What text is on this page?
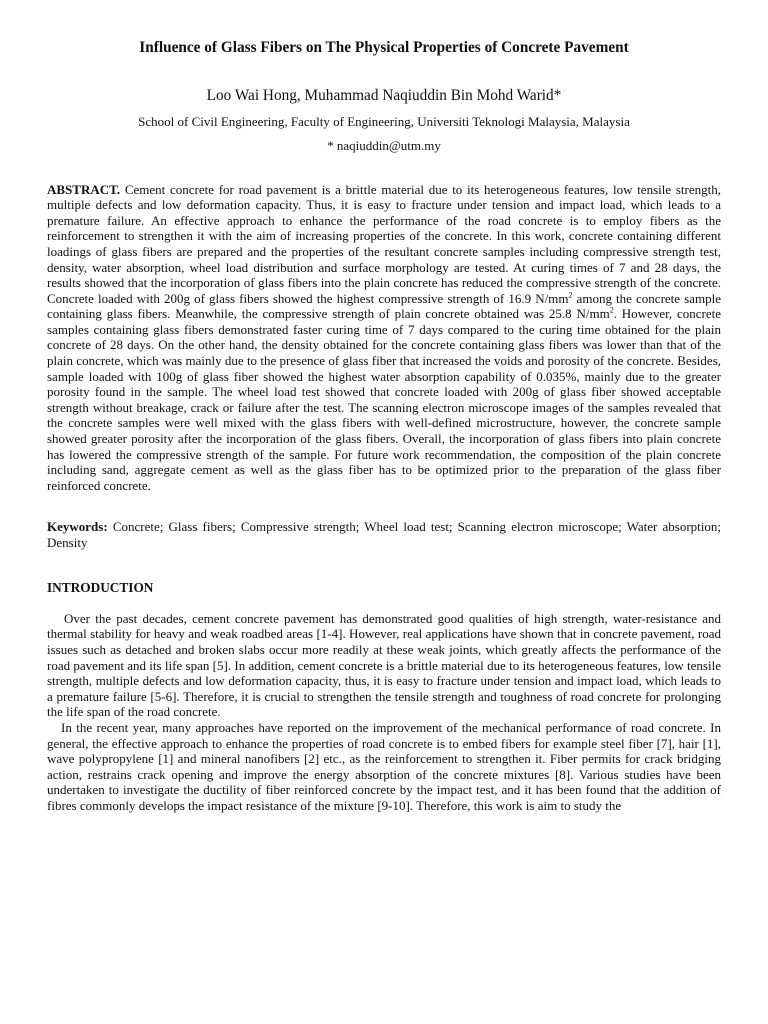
Influence of Glass Fibers on The Physical Properties of Concrete Pavement
Loo Wai Hong, Muhammad Naqiuddin Bin Mohd Warid*
School of Civil Engineering, Faculty of Engineering, Universiti Teknologi Malaysia, Malaysia
* naqiuddin@utm.my

ABSTRACT. Cement concrete for road pavement is a brittle material due to its heterogeneous features, low tensile strength, multiple defects and low deformation capacity. Thus, it is easy to fracture under tension and impact load, which leads to a premature failure. An effective approach to enhance the performance of the road concrete is to employ fibers as the reinforcement to strengthen it with the aim of increasing properties of the concrete. In this work, concrete containing different loadings of glass fibers are prepared and the properties of the resultant concrete samples including compressive strength test, density, water absorption, wheel load distribution and surface morphology are tested. At curing times of 7 and 28 days, the results showed that the incorporation of glass fibers into the plain concrete has reduced the compressive strength of the concrete. Concrete loaded with 200g of glass fibers showed the highest compressive strength of 16.9 $N/mm^2$ among the concrete sample containing glass fibers. Meanwhile, the compressive strength of plain concrete obtained was 25.8 $N/mm^2$. However, concrete samples containing glass fibers demonstrated faster curing time of 7 days compared to the curing time obtained for the plain concrete of 28 days. On the other hand, the density obtained for the concrete containing glass fibers was lower than that of the plain concrete, which was mainly due to the presence of glass fiber that increased the voids and porosity of the concrete. Besides, sample loaded with 100g of glass fiber showed the highest water absorption capability of 0.035%, mainly due to the greater porosity found in the sample. The wheel load test showed that concrete loaded with 200g of glass fiber showed acceptable strength without breakage, crack or failure after the test. The scanning electron microscope images of the samples revealed that the concrete samples were well mixed with the glass fibers with well-defined microstructure, however, the concrete sample showed greater porosity after the incorporation of the glass fibers. Overall, the incorporation of glass fibers into plain concrete has lowered the compressive strength of the sample. For future work recommendation, the composition of the plain concrete including sand, aggregate cement as well as the glass fiber has to be optimized prior to the preparation of the glass fiber reinforced concrete.

Keywords: Concrete; Glass fibers; Compressive strength; Wheel load test; Scanning electron microscope; Water absorption; Density

INTRODUCTION

Over the past decades, cement concrete pavement has demonstrated good qualities of high strength, water-resistance and thermal stability for heavy and weak roadbed areas [1-4]. However, real applications have shown that in concrete pavement, road issues such as detached and broken slabs occur more readily at these weak joints, which greatly affects the performance of the road pavement and its life span [5]. In addition, cement concrete is a brittle material due to its heterogeneous features, low tensile strength, multiple defects and low deformation capacity, thus, it is easy to fracture under tension and impact load, which leads to a premature failure [5-6]. Therefore, it is crucial to strengthen the tensile strength and toughness of road concrete for prolonging the life span of the road concrete.

In the recent year, many approaches have reported on the improvement of the mechanical performance of road concrete. In general, the effective approach to enhance the properties of road concrete is to embed fibers for example steel fiber [7], hair [1], wave polypropylene [1] and mineral nanofibers [2] etc., as the reinforcement to strengthen it. Fiber permits for crack bridging action, restrains crack opening and improve the energy absorption of the concrete mixtures [8]. Various studies have been undertaken to investigate the ductility of fiber reinforced concrete by the impact test, and it has been found that the addition of fibres commonly develops the impact resistance of the mixture [9-10]. Therefore, this work is aim to study the
